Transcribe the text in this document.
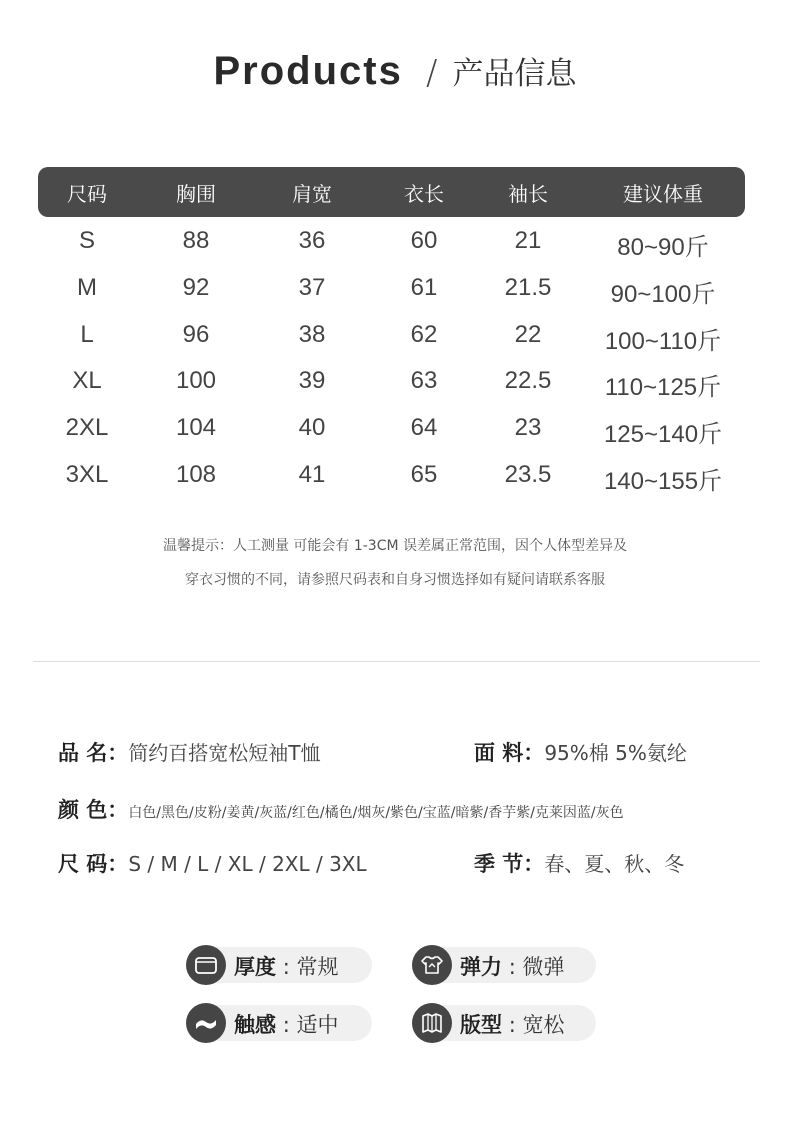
Products / 产品信息
尺码	胸围	肩宽	衣长	袖长	建议体重
S	88	36	60	21	80~90斤
M	92	37	61	21.5 90~100斤
L	96	38	62	22	100~110斤
XL	100	39	63	22.5 110~125斤
2XL	104	40	64	23	125~140斤
3XL	108	41	65	23.5 140~155斤
温馨提示：人工测量 可能会有 1-3CM 误差属正常范围，因个人体型差异及
穿衣习惯的不同，请参照尺码表和自身习惯选择如有疑问请联系客服
品 名：简约百搭宽松短袖T恤	面 料：95%棉 5%氨纶
颜 色：白色/黑色/皮粉/姜黄/灰蓝/红色/橘色/烟灰/紫色/宝蓝/暗紫/香芋紫/克莱因蓝/灰色
尺 码：S / M / L / XL / 2XL / 3XL	季 节：春、夏、秋、冬
厚度 : 常规	弹力 : 微弹
触感 : 适中	版型 : 宽松
